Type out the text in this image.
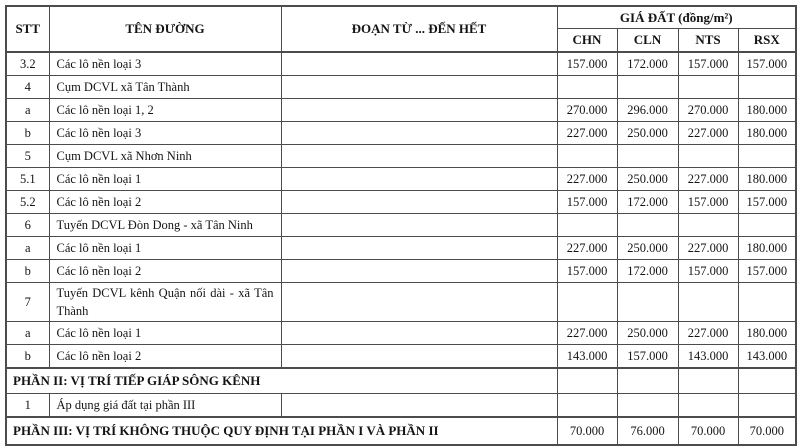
STT	TÊN ĐƯỜNG	ĐOẠN TỪ ... ĐẾN HẾT	GIÁ ĐẤT (đồng/m²)			
			CHN	CLN	NTS	RSX
3.2	Các lô nền loại 3		157.000	172.000	157.000	157.000
4	Cụm DCVL xã Tân Thành					
a	Các lô nền loại 1, 2		270.000	296.000	270.000	180.000
b	Các lô nền loại 3		227.000	250.000	227.000	180.000
5	Cụm DCVL xã Nhơn Ninh					
5.1	Các lô nền loại 1		227.000	250.000	227.000	180.000
5.2	Các lô nền loại 2		157.000	172.000	157.000	157.000
6	Tuyến DCVL Đòn Dong - xã Tân Ninh					
a	Các lô nền loại 1		227.000	250.000	227.000	180.000
b	Các lô nền loại 2		157.000	172.000	157.000	157.000
7	Tuyến DCVL kênh Quận nối dài - xã Tân Thành					
a	Các lô nền loại 1		227.000	250.000	227.000	180.000
b	Các lô nền loại 2		143.000	157.000	143.000	143.000
PHẦN II: VỊ TRÍ TIẾP GIÁP SÔNG KÊNH						
1	Áp dụng giá đất tại phần III					
PHẦN III: VỊ TRÍ KHÔNG THUỘC QUY ĐỊNH TẠI PHẦN I VÀ PHẦN II			70.000	76.000	70.000	70.000
